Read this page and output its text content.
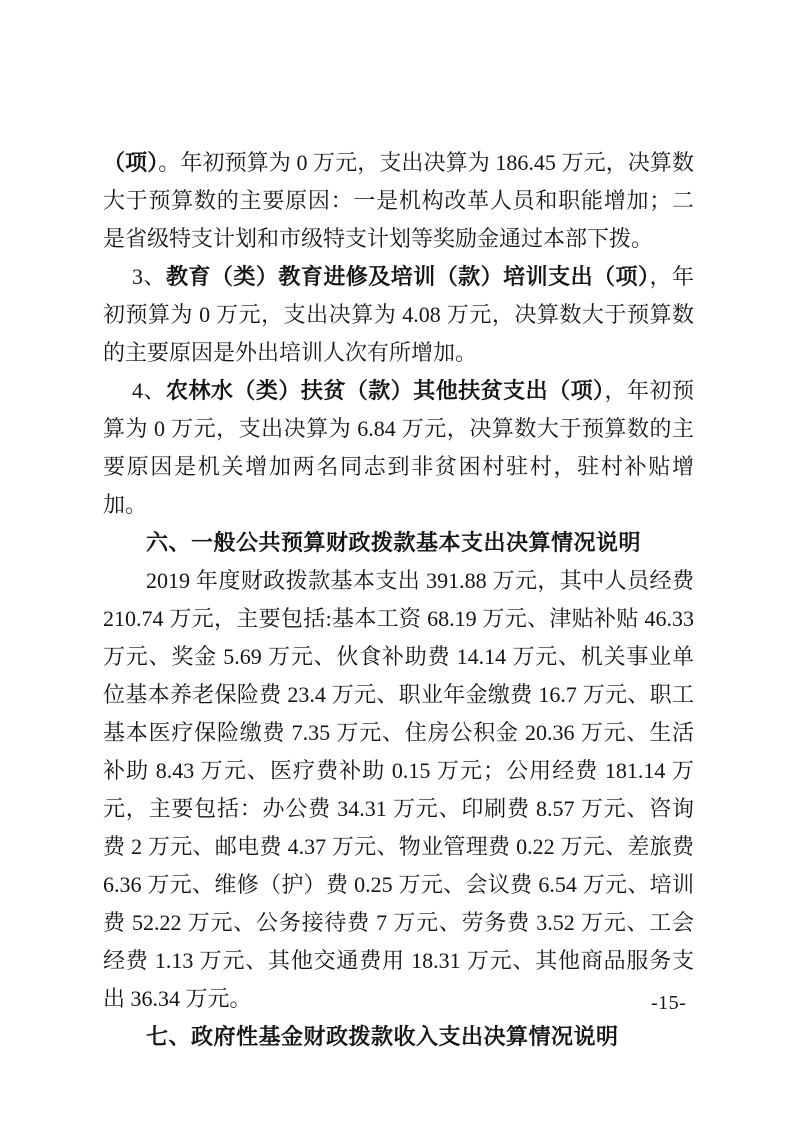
（项）。年初预算为 0 万元，支出决算为 186.45 万元，决算数大于预算数的主要原因：一是机构改革人员和职能增加；二是省级特支计划和市级特支计划等奖励金通过本部下拨。

3、教育（类）教育进修及培训（款）培训支出（项），年初预算为 0 万元，支出决算为 4.08 万元，决算数大于预算数的主要原因是外出培训人次有所增加。

4、农林水（类）扶贫（款）其他扶贫支出（项），年初预算为 0 万元，支出决算为 6.84 万元，决算数大于预算数的主要原因是机关增加两名同志到非贫困村驻村，驻村补贴增加。

六、一般公共预算财政拨款基本支出决算情况说明

2019 年度财政拨款基本支出 391.88 万元，其中人员经费 210.74 万元，主要包括:基本工资 68.19 万元、津贴补贴 46.33 万元、奖金 5.69 万元、伙食补助费 14.14 万元、机关事业单位基本养老保险费 23.4 万元、职业年金缴费 16.7 万元、职工基本医疗保险缴费 7.35 万元、住房公积金 20.36 万元、生活补助 8.43 万元、医疗费补助 0.15 万元；公用经费 181.14 万元，主要包括：办公费 34.31 万元、印刷费 8.57 万元、咨询费 2 万元、邮电费 4.37 万元、物业管理费 0.22 万元、差旅费 6.36 万元、维修（护）费 0.25 万元、会议费 6.54 万元、培训费 52.22 万元、公务接待费 7 万元、劳务费 3.52 万元、工会经费 1.13 万元、其他交通费用 18.31 万元、其他商品服务支出 36.34 万元。

七、政府性基金财政拨款收入支出决算情况说明
-15-
